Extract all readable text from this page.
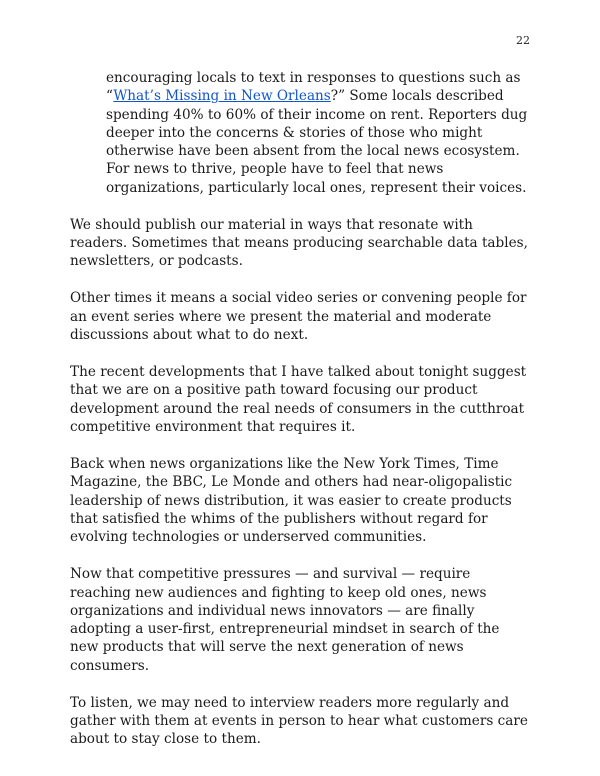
22

encouraging locals to text in responses to questions such as “What’s Missing in New Orleans?” Some locals described spending 40% to 60% of their income on rent. Reporters dug deeper into the concerns & stories of those who might otherwise have been absent from the local news ecosystem. For news to thrive, people have to feel that news organizations, particularly local ones, represent their voices.

We should publish our material in ways that resonate with readers. Sometimes that means producing searchable data tables, newsletters, or podcasts.

Other times it means a social video series or convening people for an event series where we present the material and moderate discussions about what to do next.

The recent developments that I have talked about tonight suggest that we are on a positive path toward focusing our product development around the real needs of consumers in the cutthroat competitive environment that requires it.

Back when news organizations like the New York Times, Time Magazine, the BBC, Le Monde and others had near-oligopalistic leadership of news distribution, it was easier to create products that satisfied the whims of the publishers without regard for evolving technologies or underserved communities.

Now that competitive pressures — and survival — require reaching new audiences and fighting to keep old ones, news organizations and individual news innovators — are finally adopting a user-first, entrepreneurial mindset in search of the new products that will serve the next generation of news consumers.

To listen, we may need to interview readers more regularly and gather with them at events in person to hear what customers care about to stay close to them.
